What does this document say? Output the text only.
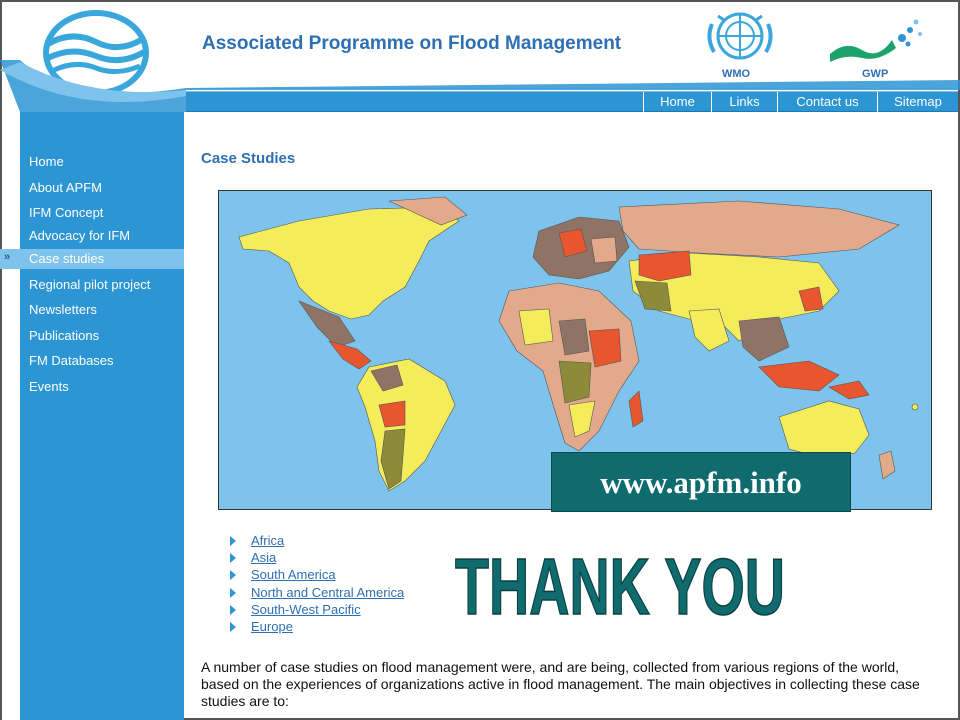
Associated Programme on Flood Management
WMO	GWP
Home	Links	Contact us	Sitemap
»
Home
About APFM
IFM Concept
Advocacy for IFM
Case studies
Regional pilot project
Newsletters
Publications
FM Databases
Events
Case Studies
www.apfm.info
Africa
Asia
South America
North and Central America
South-West Pacific
Europe THANK YOU
A number of case studies on flood management were, and are being, collected from various regions of the world, based on the experiences of organizations active in flood management. The main objectives in collecting these case studies are to:
